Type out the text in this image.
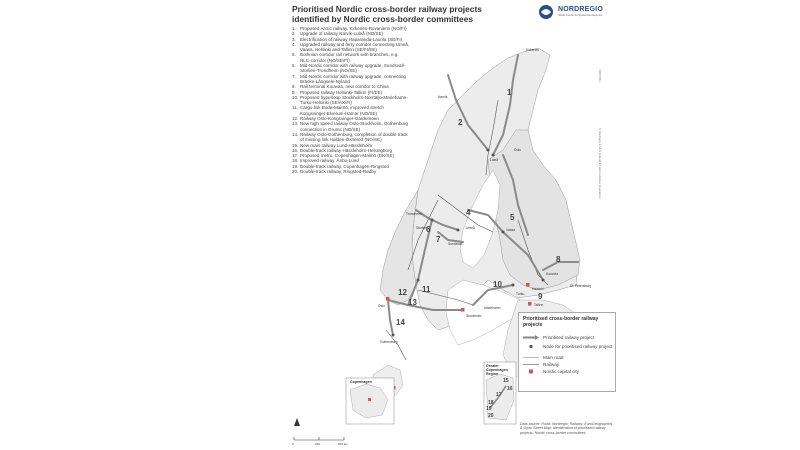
Prioritised Nordic cross-border railway projects identified by Nordic cross-border committees
NORDREGIO
Nordic Centre for Spatial Development
1. Proposed Arctic railway, Kirkenes-Rovaniemi (NO/FI)
2. Upgrade of railway Narvik-Luleå (NO/SE)
3. Electrification of railway Haparanda-Laurila (SE/FI)
4. Upgraded railway and ferry corridor connecting Umeå, Vaasa, Helsinki and Tallinn (SE/FI/EE)
5. Bothnian corridor rail network with branches, e.g. NLC-corridor (NO/SE/FI)
6. Mid-Nordic corridor with railway upgrade, Sundsvall-Storlien-Trondheim (NO/SE)
7. Mid-Nordic corridor with railway upgrade, connecting Bräcke-Långsele-Nyland
8. Rail terminal Kouvola, new corridor to China
9. Proposed railway Helsinki-Tallinn (FI/EE)
10. Proposed hyperloop Stockholm-Norrtälje-Mariehamn-Turku-Helsinki (SE/AX/FI)
11. Cargo link Bodø-Malmö, improved stretch Kongsvinger-Elverum-Hamar (NO/SE)
12. Railway Oslo-Kongsvinger-Gardemoen
13. New high speed railway Oslo-Stockholm, Gothenburg connection in Grums (NO/SE)
14. Railway Oslo-Gothenburg, completion of double track of missing link Halden-Öxnered (NO/SE)
15. New main railway Lund-Hässleholm
16. Double-track railway Hässleholm-Helsingborg
17. Proposed metro, Copenhagen-Malmö (DK/SE)
18. Improved railway, Ånbo-Lund
19. Double-track railway, Copenhagen-Ringsted
20. Double-track railway, Ringsted-Rødby
1
2
4
5
6
7
8
9
10
11
12
13
14
Kirkenes
Narvik
Luleå
Oulu
Umeå	Vaasa
Trondheim
Storlien
Sundsvall
Helsinki
Tallinn
Kouvola
St. Petersburg
Stockholm
Oslo
Gothenburg
Turku
Mariehamn
Greater Copenhagen Region
Copenhagen	15
16
17
18
19
20
Prioritised cross-border railway projects
Prioritised railway project
Node for prioritised railway project
Main road
Railway
Nordic capital city
Data source: Road: Nordregio; Railway: EuroGeographics & Open Street Map; Identification of prioritised railway projects: Nordic cross-border committees
© Nordregio & NLS Finland for administrative boundaries
NR01564
0	250	500 km
